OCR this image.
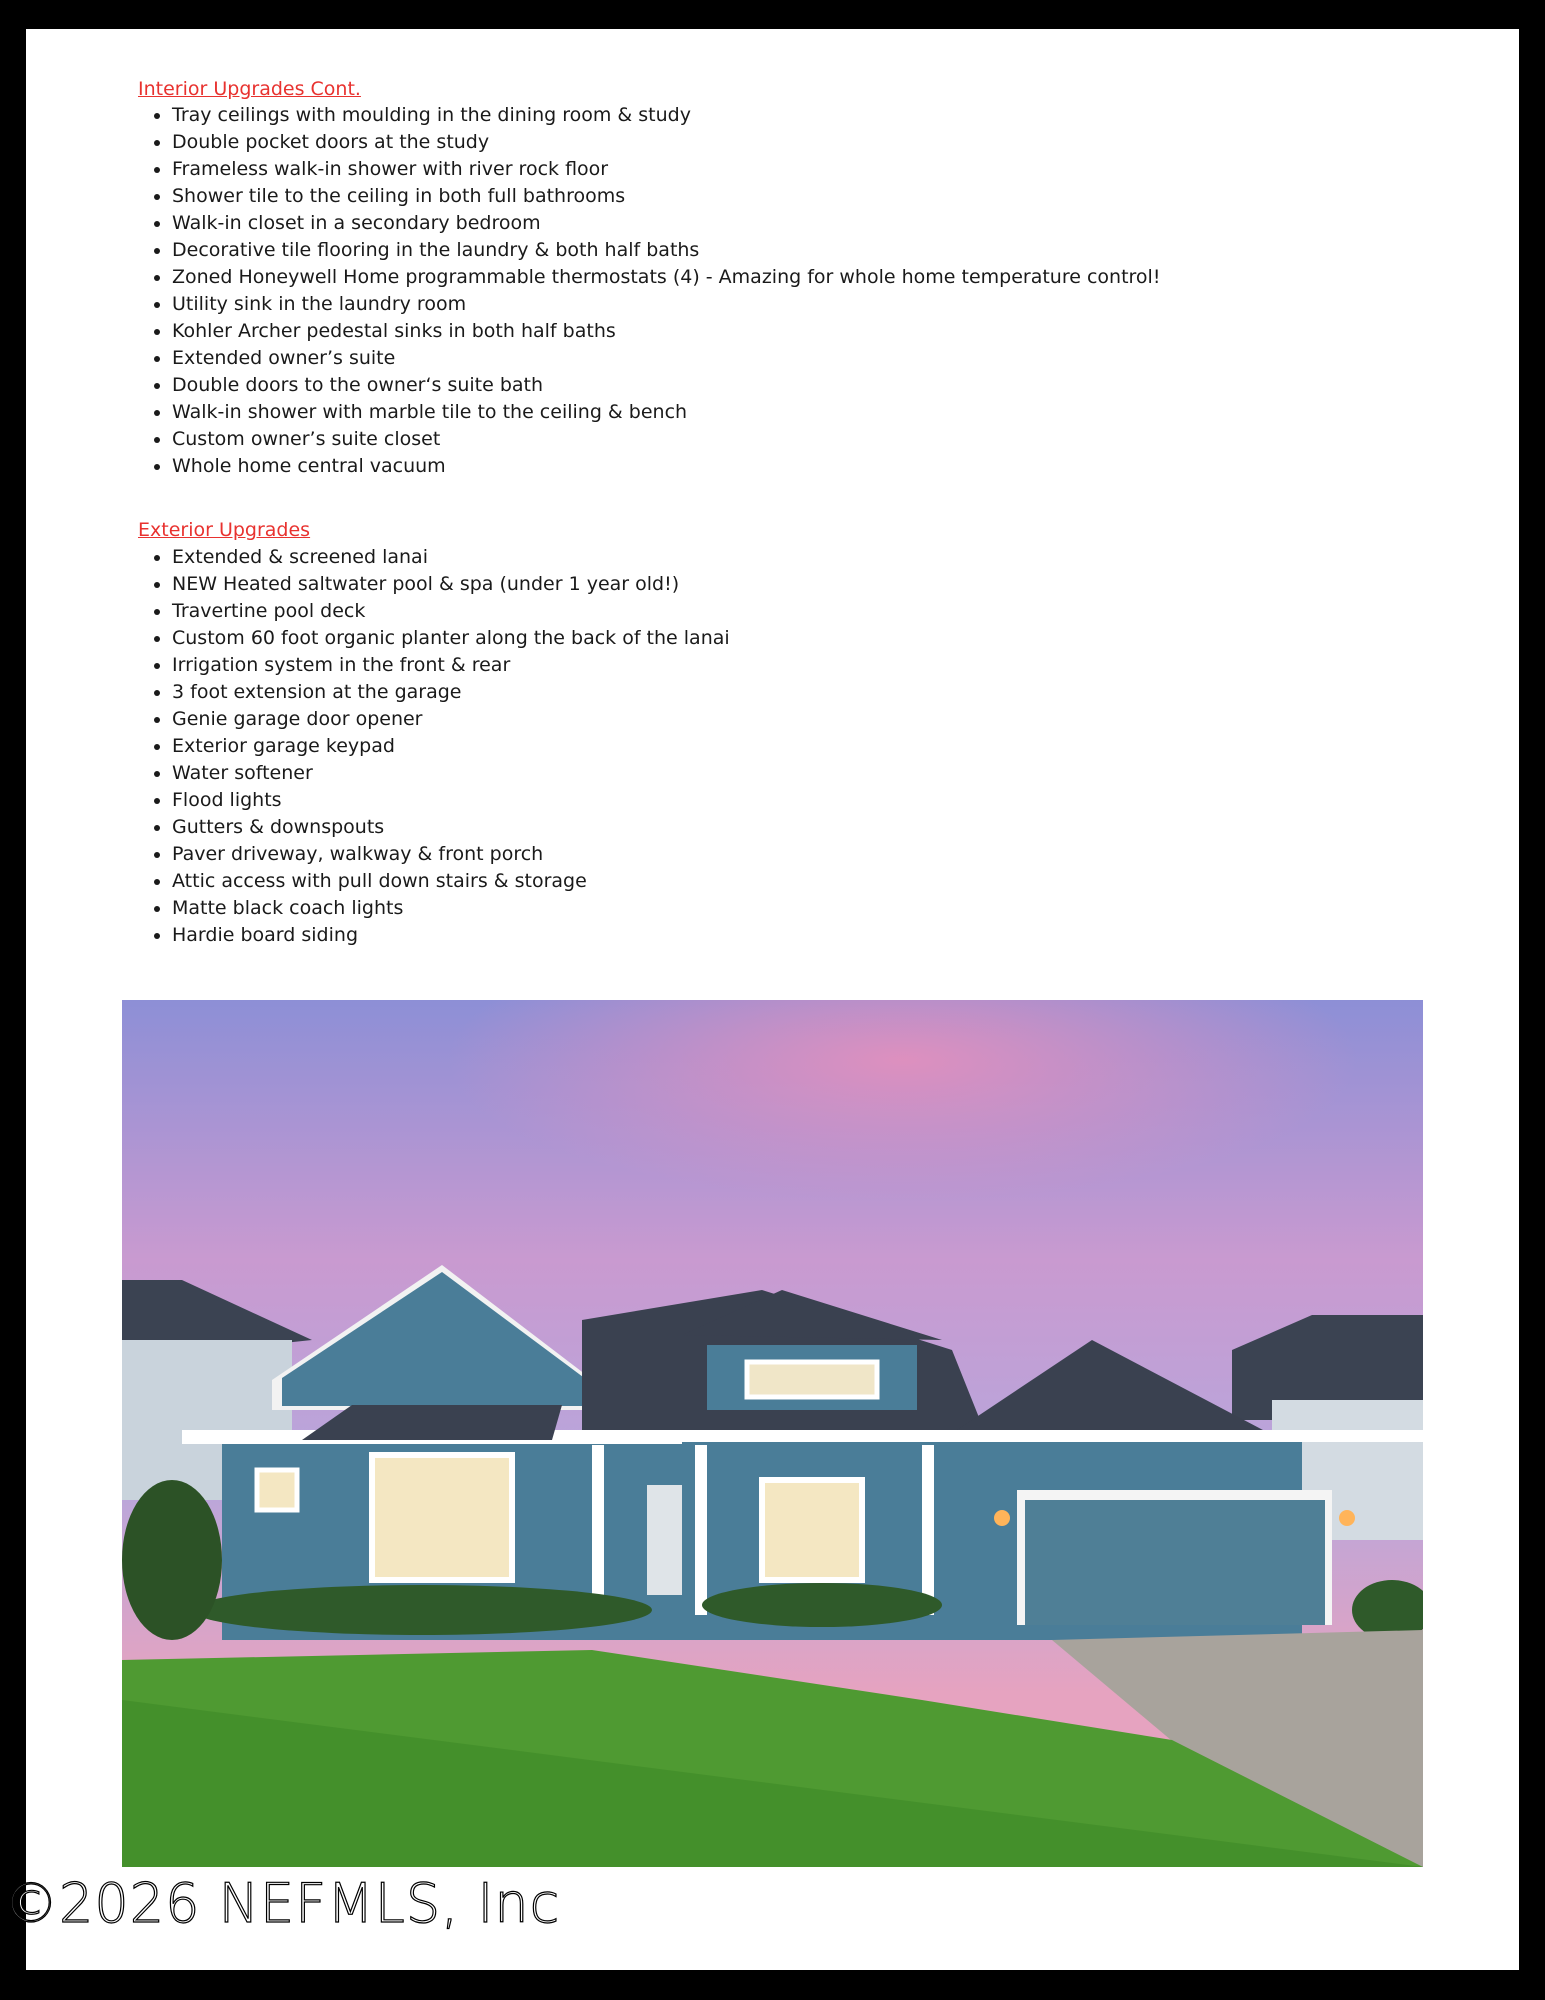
Interior Upgrades Cont.
• Tray ceilings with moulding in the dining room & study
• Double pocket doors at the study
• Frameless walk-in shower with river rock floor
• Shower tile to the ceiling in both full bathrooms
• Walk-in closet in a secondary bedroom
• Decorative tile flooring in the laundry & both half baths
• Zoned Honeywell Home programmable thermostats (4) - Amazing for whole home temperature control!
• Utility sink in the laundry room
• Kohler Archer pedestal sinks in both half baths
• Extended owner’s suite
• Double doors to the owner‘s suite bath
• Walk-in shower with marble tile to the ceiling & bench
• Custom owner’s suite closet
• Whole home central vacuum
Exterior Upgrades
• Extended & screened lanai
• NEW Heated saltwater pool & spa (under 1 year old!)
• Travertine pool deck
• Custom 60 foot organic planter along the back of the lanai
• Irrigation system in the front & rear
• 3 foot extension at the garage
• Genie garage door opener
• Exterior garage keypad
• Water softener
• Flood lights
• Gutters & downspouts
• Paver driveway, walkway & front porch
• Attic access with pull down stairs & storage
• Matte black coach lights
• Hardie board siding
©2026 NEFMLS, Inc
